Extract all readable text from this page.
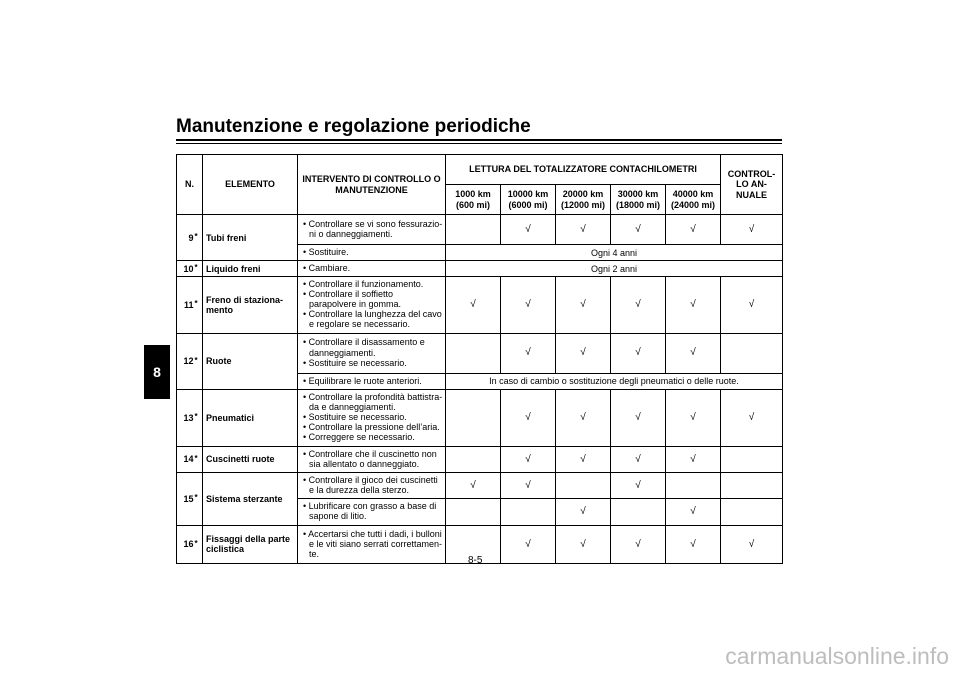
Manutenzione e regolazione periodiche
8
N.		ELEMENTO	INTERVENTO DI CONTROLLO O MANUTENZIONE	LETTURA DEL TOTALIZZATORE CONTACHILOMETRI					CONTROL-LO AN-NUALE
				1000 km (600 mi)	10000 km (6000 mi)	20000 km (12000 mi)	30000 km (18000 mi)	40000 km (24000 mi)	
9	*	Tubi freni	• Controllare se vi sono fessurazio-ni o danneggiamenti.		√	√	√	√	√

			• Sostituire.	Ogni 4 anni					
10	*	Liquido freni	• Cambiare.	Ogni 2 anni					
11	*	Freno di staziona-mento	• Controllare il funzionamento.
• Controllare il soffietto parapolvere in gomma.
• Controllare la lunghezza del cavo e regolare se necessario.	√	√	√	√	√	√
12	*	Ruote	• Controllare il disassamento e danneggiamenti.
• Sostituire se necessario.		√	√	√	√	

			• Equilibrare le ruote anteriori.	In caso di cambio o sostituzione degli pneumatici o delle ruote.					
13	*	Pneumatici	• Controllare la profondità battistra-da e danneggiamenti.
• Sostituire se necessario.
• Controllare la pressione dell’aria.
• Correggere se necessario.		√	√	√	√	√
14	*	Cuscinetti ruote	• Controllare che il cuscinetto non sia allentato o danneggiato.		√	√	√	√	
15	*	Sistema sterzante	• Controllare il gioco dei cuscinetti e la durezza della sterzo.	√	√		√		

			• Lubrificare con grasso a base di sapone di litio.			√		√	
16	*	Fissaggi della parte ciclistica	• Accertarsi che tutti i dadi, i bulloni e le viti siano serrati correttamen-te.		√	√	√	√	√
8-5
carmanualsonline.info
